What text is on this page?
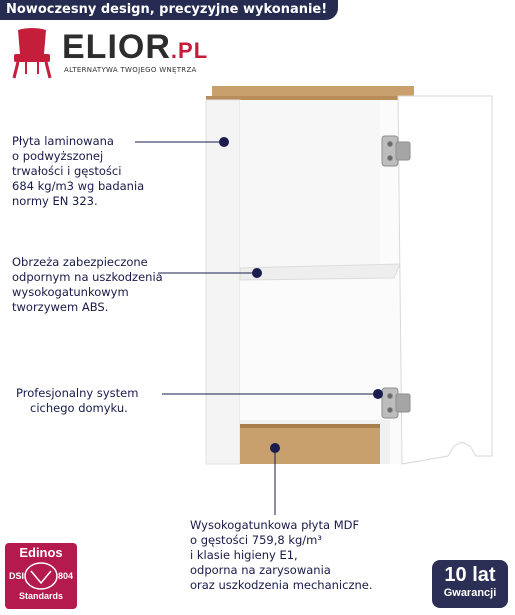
Nowoczesny design, precyzyjne wykonanie!
ELIOR.PL
ALTERNATYWA TWOJEGO WNĘTRZA
Płyta laminowana
o podwyższonej
trwałości i gęstości
684 kg/m3 wg badania
normy EN 323.
Obrzeża zabezpieczone
odpornym na uszkodzenia
wysokogatunkowym
tworzywem ABS.
Profesjonalny system
cichego domyku.
Wysokogatunkowa płyta MDF
o gęstości 759,8 kg/m³
i klasie higieny E1,
odporna na zarysowania
oraz uszkodzenia mechaniczne.
Edinos
DSI	804
Standards
10 lat
Gwarancji
